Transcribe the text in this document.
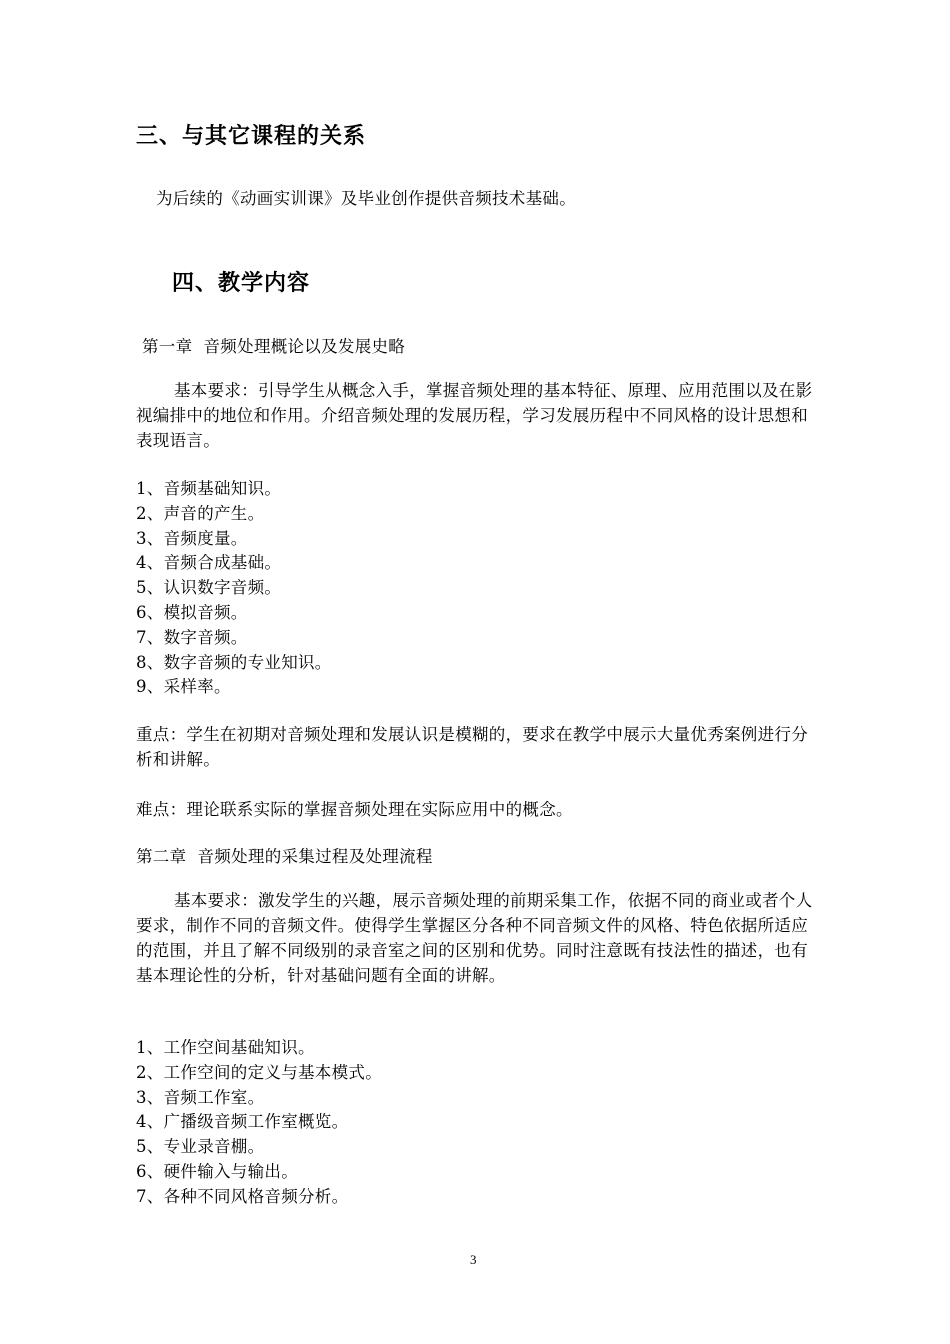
三、与其它课程的关系
为后续的《动画实训课》及毕业创作提供音频技术基础。
四、教学内容
第一章  音频处理概论以及发展史略
基本要求：引导学生从概念入手，掌握音频处理的基本特征、原理、应用范围以及在影视编排中的地位和作用。介绍音频处理的发展历程，学习发展历程中不同风格的设计思想和表现语言。
1、音频基础知识。
2、声音的产生。
3、音频度量。
4、音频合成基础。
5、认识数字音频。
6、模拟音频。
7、数字音频。
8、数字音频的专业知识。
9、采样率。
重点：学生在初期对音频处理和发展认识是模糊的，要求在教学中展示大量优秀案例进行分析和讲解。
难点：理论联系实际的掌握音频处理在实际应用中的概念。
第二章  音频处理的采集过程及处理流程
基本要求：激发学生的兴趣，展示音频处理的前期采集工作，依据不同的商业或者个人要求，制作不同的音频文件。使得学生掌握区分各种不同音频文件的风格、特色依据所适应的范围，并且了解不同级别的录音室之间的区别和优势。同时注意既有技法性的描述，也有基本理论性的分析，针对基础问题有全面的讲解。
1、工作空间基础知识。
2、工作空间的定义与基本模式。
3、音频工作室。
4、广播级音频工作室概览。
5、专业录音棚。
6、硬件输入与输出。
7、各种不同风格音频分析。
3
